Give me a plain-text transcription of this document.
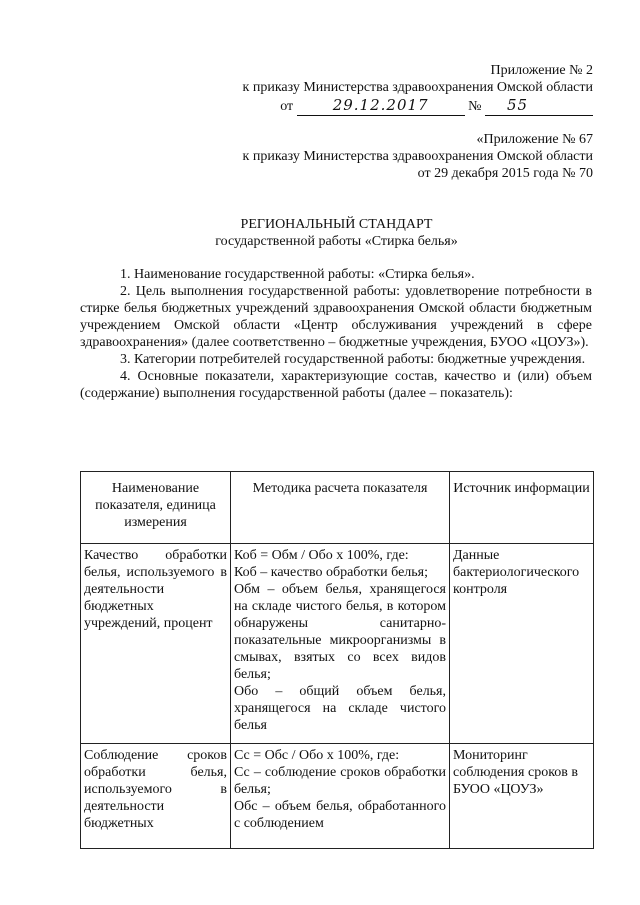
Приложение № 2
к приказу Министерства здравоохранения Омской области
от	29.12.2017	№ 55
«Приложение № 67
к приказу Министерства здравоохранения Омской области
от 29 декабря 2015 года № 70
РЕГИОНАЛЬНЫЙ СТАНДАРТ
государственной работы «Стирка белья»

1. Наименование государственной работы: «Стирка белья».

2. Цель выполнения государственной работы: удовлетворение потребности в стирке белья бюджетных учреждений здравоохранения Омской области бюджетным учреждением Омской области «Центр обслуживания учреждений в сфере здравоохранения» (далее соответственно – бюджетные учреждения, БУОО «ЦОУЗ»).

3. Категории потребителей государственной работы: бюджетные учреждения.

4. Основные показатели, характеризующие состав, качество и (или) объем (содержание) выполнения государственной работы (далее – показатель):

Наименование показателя, единица измерения	Методика расчета показателя	Источник информации
Качество обработки белья, используемого в деятельности бюджетных учреждений, процент	Коб = Обм / Обо х 100%, где:

Коб – качество обработки белья;

Обм – объем белья, хранящегося на складе чистого белья, в котором обнаружены санитарно-показательные микроорганизмы в смывах, взятых со всех видов белья;

Обо – общий объем белья, хранящегося на складе чистого белья	Данные бактериологического контроля
Соблюдение сроков обработки белья, используемого в деятельности бюджетных	Сс = Обс / Обо х 100%, где:

Сс – соблюдение сроков обработки белья;

Обс – объем белья, обработанного с соблюдением	Мониторинг соблюдения сроков в БУОО «ЦОУЗ»
